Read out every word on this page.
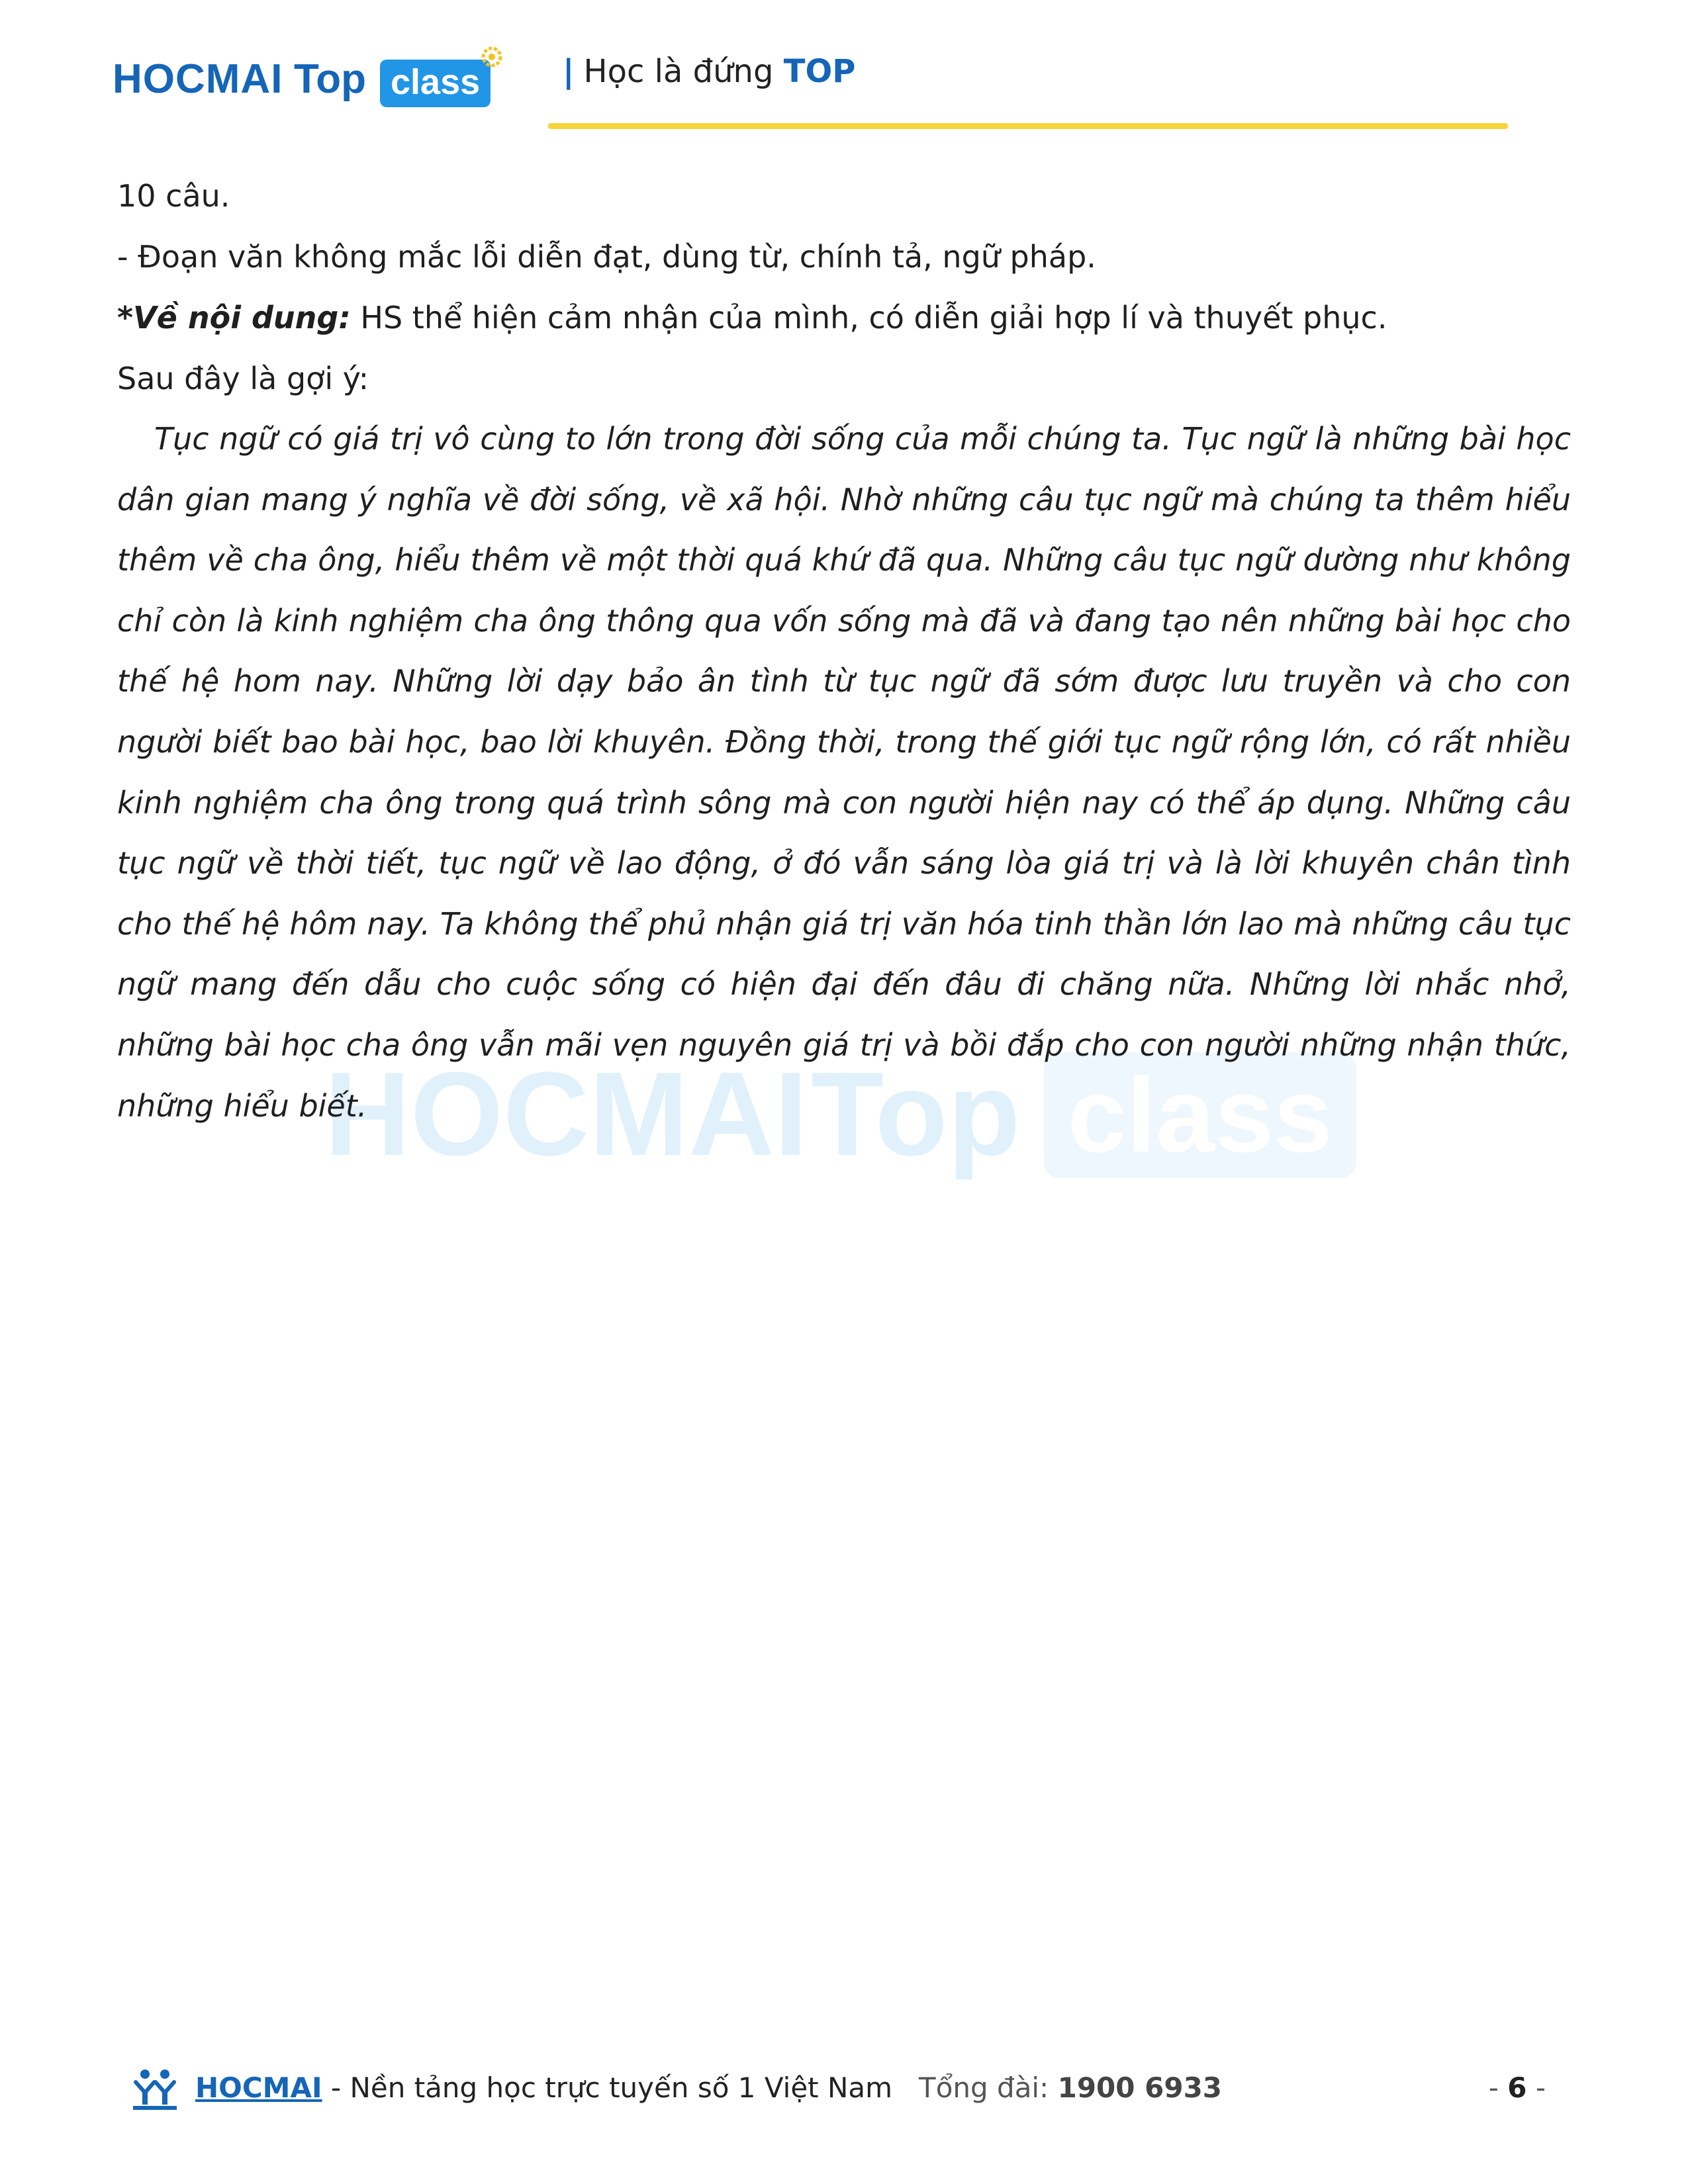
HOCMAI Top class	| Học là đứng TOP
HOCMAI Top class
10 câu.
- Đoạn văn không mắc lỗi diễn đạt, dùng từ, chính tả, ngữ pháp.
*Về nội dung: HS thể hiện cảm nhận của mình, có diễn giải hợp lí và thuyết phục.
Sau đây là gợi ý:

Tục ngữ có giá trị vô cùng to lớn trong đời sống của mỗi chúng ta. Tục ngữ là những bài học dân gian mang ý nghĩa về đời sống, về xã hội. Nhờ những câu tục ngữ mà chúng ta thêm hiểu thêm về cha ông, hiểu thêm về một thời quá khứ đã qua. Những câu tục ngữ dường như không chỉ còn là kinh nghiệm cha ông thông qua vốn sống mà đã và đang tạo nên những bài học cho thế hệ hom nay. Những lời dạy bảo ân tình từ tục ngữ đã sớm được lưu truyền và cho con người biết bao bài học, bao lời khuyên. Đồng thời, trong thế giới tục ngữ rộng lớn, có rất nhiều kinh nghiệm cha ông trong quá trình sông mà con người hiện nay có thể áp dụng. Những câu tục ngữ về thời tiết, tục ngữ về lao động, ở đó vẫn sáng lòa giá trị và là lời khuyên chân tình cho thế hệ hôm nay. Ta không thể phủ nhận giá trị văn hóa tinh thần lớn lao mà những câu tục ngữ mang đến dẫu cho cuộc sống có hiện đại đến đâu đi chăng nữa. Những lời nhắc nhở, những bài học cha ông vẫn mãi vẹn nguyên giá trị và bồi đắp cho con người những nhận thức, những hiểu biết.

HOCMAI - Nền tảng học trực tuyến số 1 Việt Nam Tổng đài: 1900 6933	- 6 -
